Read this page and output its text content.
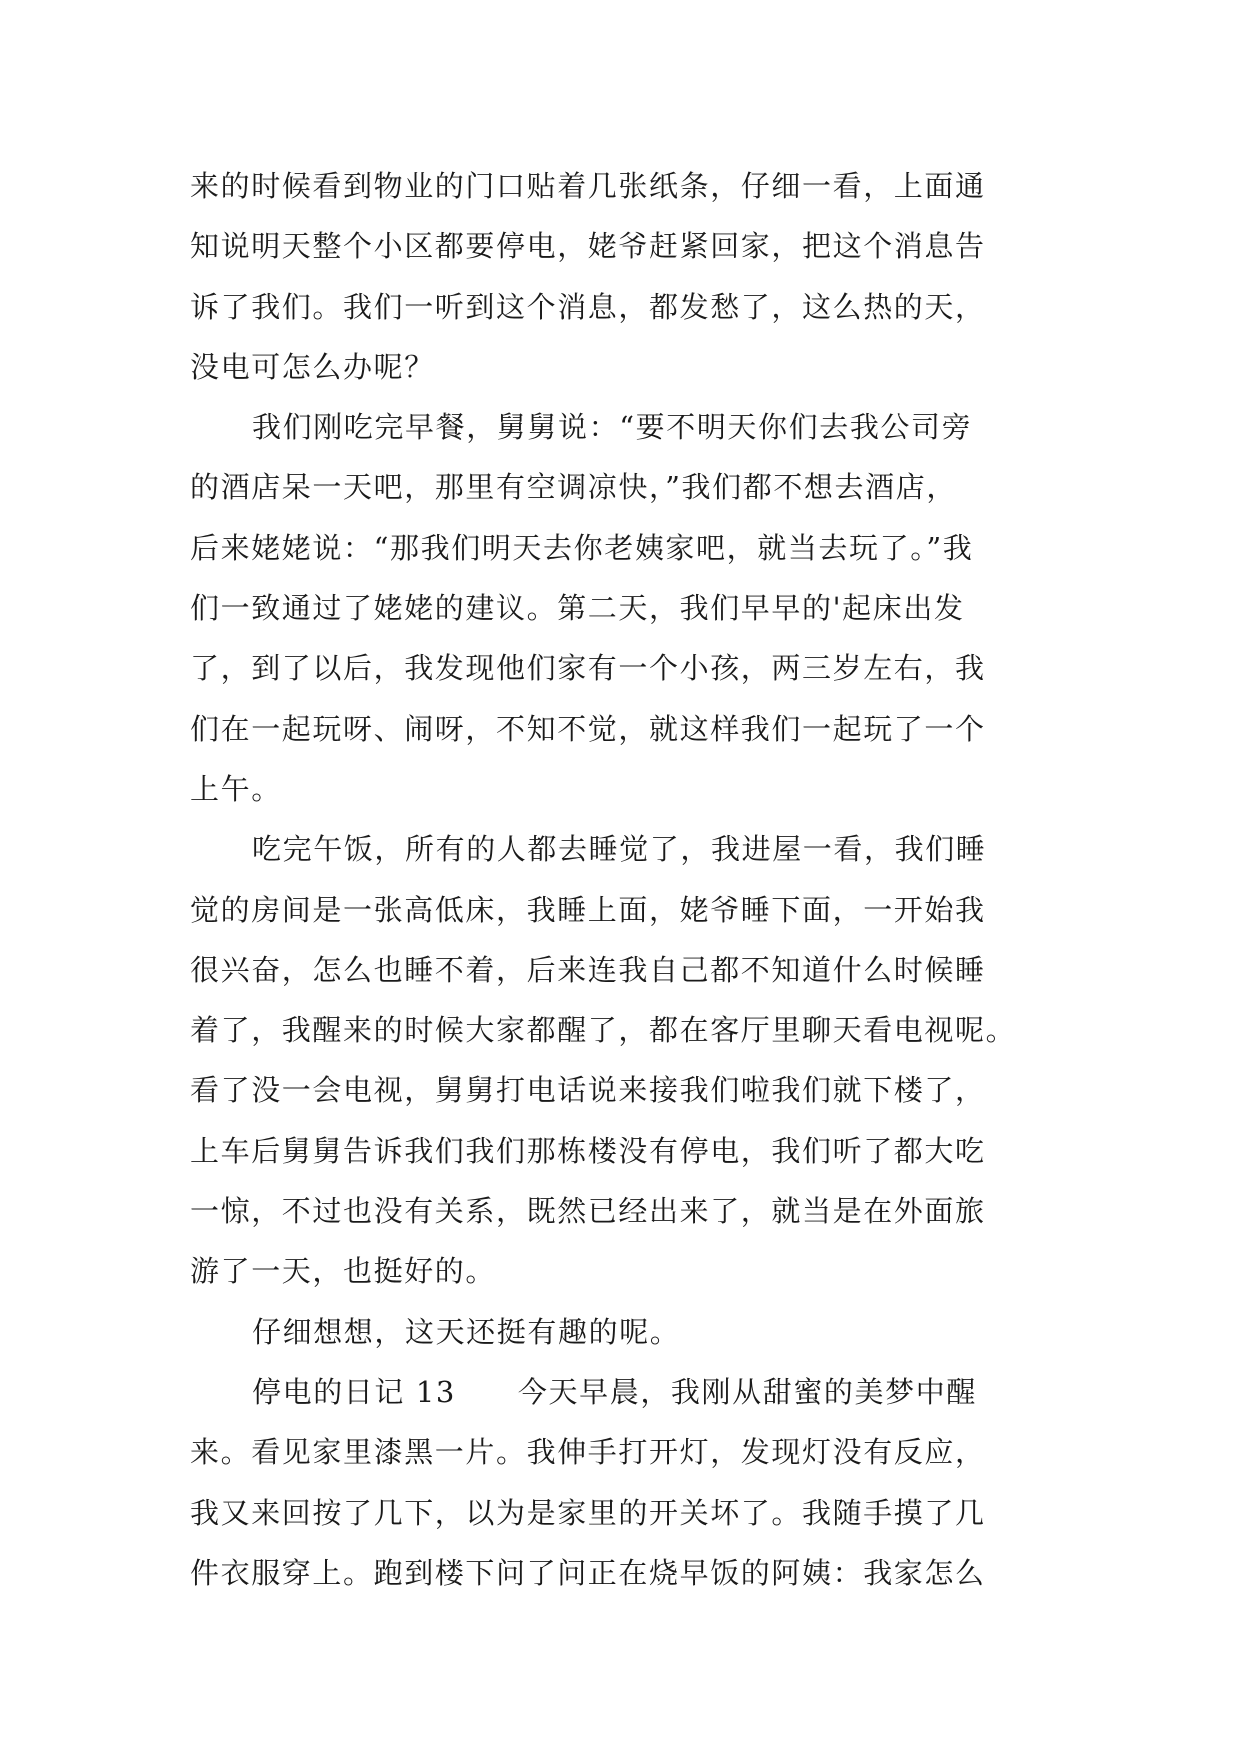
来的时候看到物业的门口贴着几张纸条，仔细一看，上面通
知说明天整个小区都要停电，姥爷赶紧回家，把这个消息告
诉了我们。我们一听到这个消息，都发愁了，这么热的天，
没电可怎么办呢？

我们刚吃完早餐，舅舅说：“要不明天你们去我公司旁
的酒店呆一天吧，那里有空调凉快，”我们都不想去酒店，
后来姥姥说：“那我们明天去你老姨家吧，就当去玩了。”我
们一致通过了姥姥的建议。第二天，我们早早的'起床出发
了，到了以后，我发现他们家有一个小孩，两三岁左右，我
们在一起玩呀、闹呀，不知不觉，就这样我们一起玩了一个
上午。

吃完午饭，所有的人都去睡觉了，我进屋一看，我们睡
觉的房间是一张高低床，我睡上面，姥爷睡下面，一开始我
很兴奋，怎么也睡不着，后来连我自己都不知道什么时候睡
着了，我醒来的时候大家都醒了，都在客厅里聊天看电视呢。
看了没一会电视，舅舅打电话说来接我们啦我们就下楼了，
上车后舅舅告诉我们我们那栋楼没有停电，我们听了都大吃
一惊，不过也没有关系，既然已经出来了，就当是在外面旅
游了一天，也挺好的。

仔细想想，这天还挺有趣的呢。

停电的日记 13 今天早晨，我刚从甜蜜的美梦中醒
来。看见家里漆黑一片。我伸手打开灯，发现灯没有反应，
我又来回按了几下，以为是家里的开关坏了。我随手摸了几
件衣服穿上。跑到楼下问了问正在烧早饭的阿姨：我家怎么
